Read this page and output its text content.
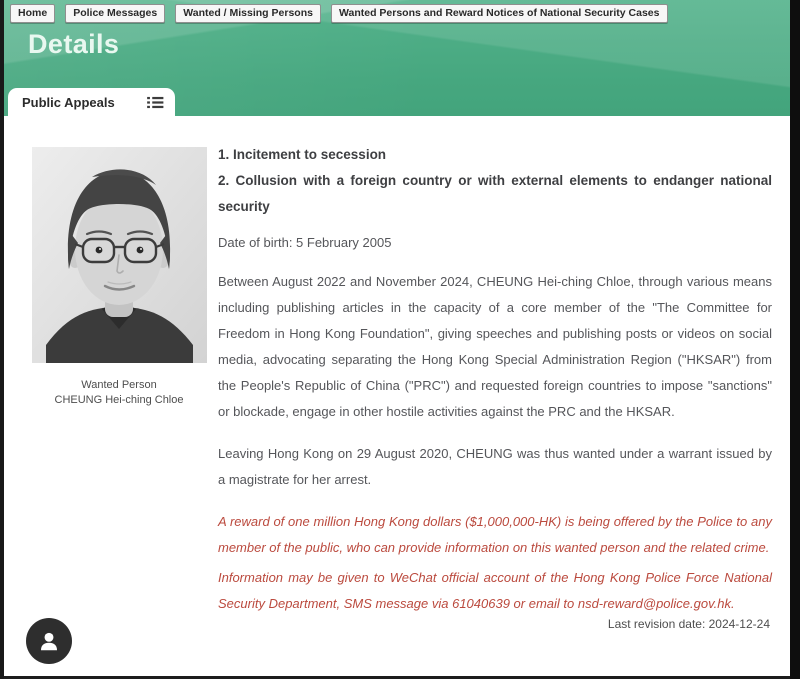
Home	Police Messages	Wanted / Missing Persons	Wanted Persons and Reward Notices of National Security Cases
Details
Public Appeals
Wanted Person
CHEUNG Hei-ching Chloe
1. Incitement to secession
2. Collusion with a foreign country or with external elements to endanger national security
Date of birth: 5 February 2005
Between August 2022 and November 2024, CHEUNG Hei-ching Chloe, through various means including publishing articles in the capacity of a core member of the "The Committee for Freedom in Hong Kong Foundation", giving speeches and publishing posts or videos on social media, advocating separating the Hong Kong Special Administration Region ("HKSAR") from the People's Republic of China ("PRC") and requested foreign countries to impose "sanctions" or blockade, engage in other hostile activities against the PRC and the HKSAR.
Leaving Hong Kong on 29 August 2020, CHEUNG was thus wanted under a warrant issued by a magistrate for her arrest.
A reward of one million Hong Kong dollars ($1,000,000-HK) is being offered by the Police to any member of the public, who can provide information on this wanted person and the related crime.
Information may be given to WeChat official account of the Hong Kong Police Force National Security Department, SMS message via 61040639 or email to nsd-reward@police.gov.hk.
Last revision date: 2024-12-24
